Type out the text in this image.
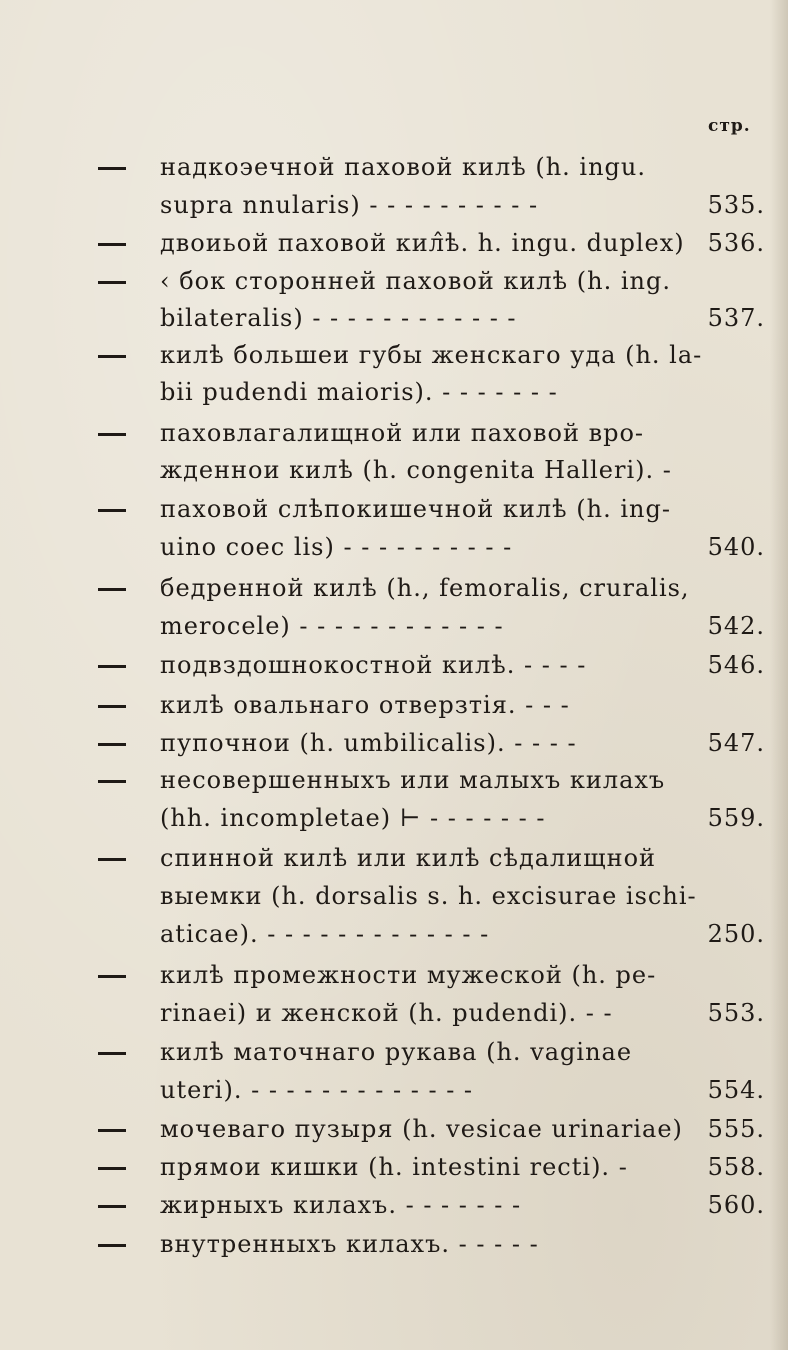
стр.
надкоэечной паховой килѣ (h. ingu.
supra nnularis) - - - - - - - - - -	535.
двоиьой паховой кил̂ѣ. h. ingu. duplex) 536.
‹ бок сторонней паховой килѣ (h. ing.
bilateralis) - - - - - - - - - - - -	537.
килѣ большеи губы женскаго уда (h. la-
bii pudendi maioris). - - - - - - -
паховлагалищной или паховой вро-
жденнои килѣ (h. congenita Halleri). -
паховой слѣпокишечной килѣ (h. ing-
uino coec lis) - - - - - - - - - -	540.
бедренной килѣ (h., femoralis, cruralis,
merocele) - - - - - - - - - - - -	542.
подвздошнокостной килѣ. - - - -	546.
килѣ овальнаго отверзтія. - - -
пупочнои (h. umbilicalis). - - - -	547.
несовершенныхъ или малыхъ килахъ
(hh. incompletae) ⊢ - - - - - - -	559.
спинной килѣ или килѣ сѣдалищной
выемки (h. dorsalis s. h. excisurae ischi-
aticae). - - - - - - - - - - - - -	250.
килѣ промежности мужеской (h. pe-
rinaei) и женской (h. pudendi). - -	553.
килѣ маточнаго рукава (h. vaginae
uteri). - - - - - - - - - - - - -	554.
мочеваго пузыря (h. vesicae urinariae) 555.
прямои кишки (h. intestini recti). -	558.
жирныхъ килахъ. - - - - - - -	560.
внутренныхъ килахъ. - - - - -
